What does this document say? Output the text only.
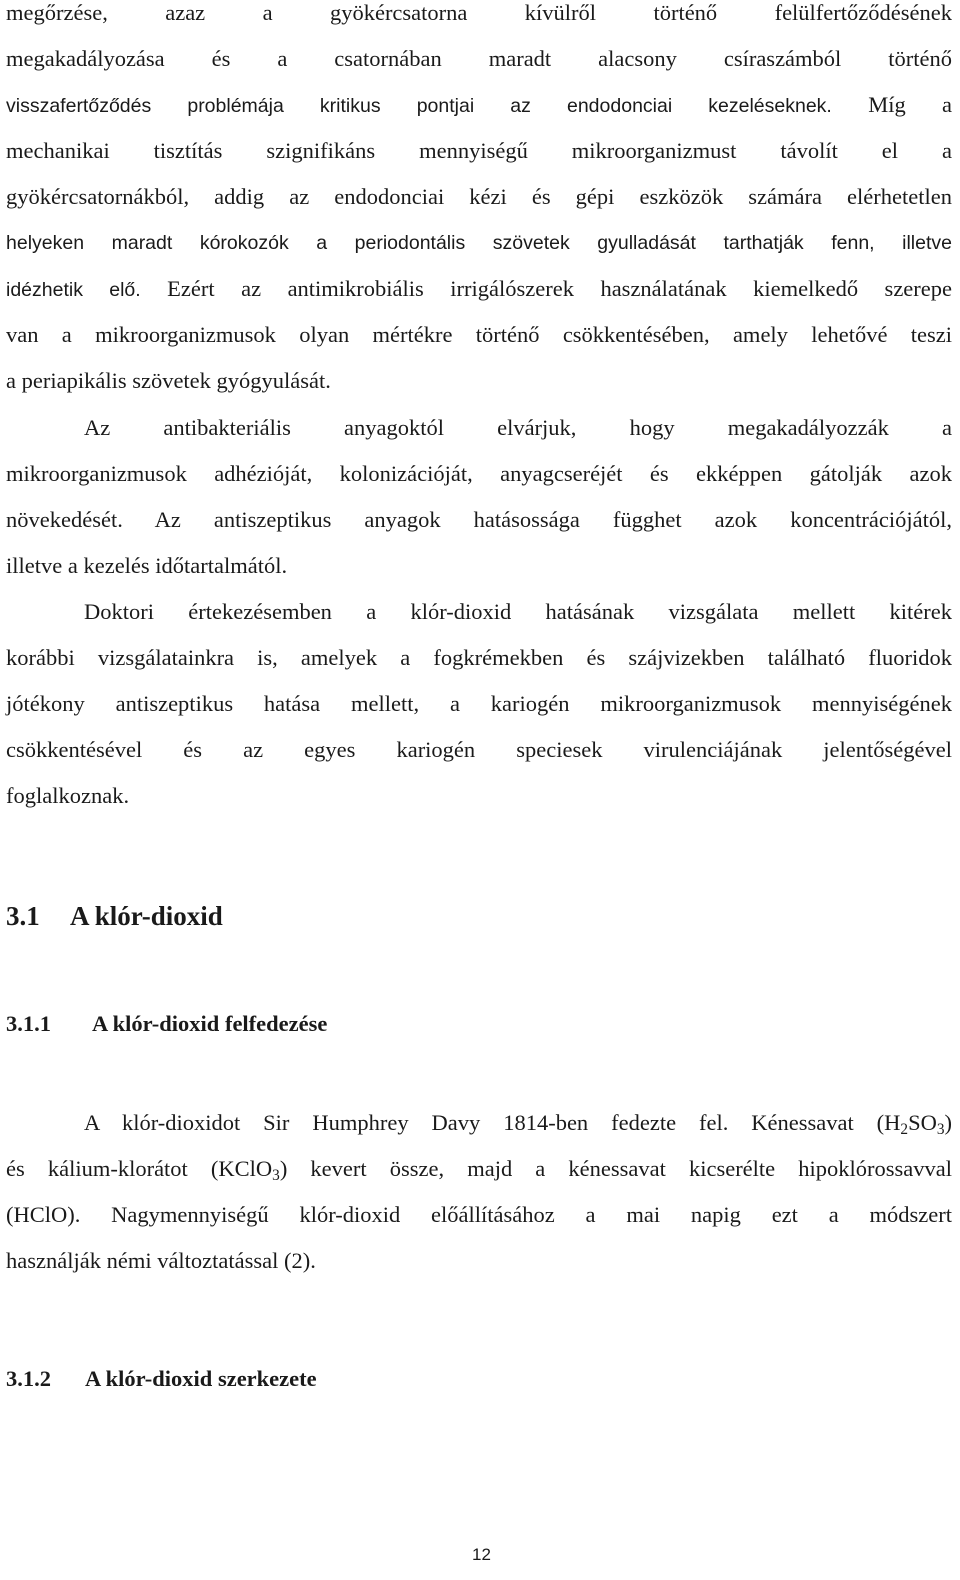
megőrzése, azaz a gyökércsatorna kívülről történő felülfertőződésének
megakadályozása és a csatornában maradt alacsony csíraszámból történő
visszafertőződés problémája kritikus pontjai az endodonciai kezeléseknek. Míg a
mechanikai tisztítás szignifikáns mennyiségű mikroorganizmust távolít el a
gyökércsatornákból, addig az endodonciai kézi és gépi eszközök számára elérhetetlen
helyeken maradt kórokozók a periodontális szövetek gyulladását tarthatják fenn, illetve
idézhetik elő. Ezért az antimikrobiális irrigálószerek használatának kiemelkedő szerepe
van a mikroorganizmusok olyan mértékre történő csökkentésében, amely lehetővé teszi
a periapikális szövetek gyógyulását.
Az antibakteriális anyagoktól elvárjuk, hogy megakadályozzák a
mikroorganizmusok adhézióját, kolonizációját, anyagcseréjét és ekképpen gátolják azok
növekedését. Az antiszeptikus anyagok hatásossága függhet azok koncentrációjától,
illetve a kezelés időtartalmától.
Doktori értekezésemben a klór-dioxid hatásának vizsgálata mellett kitérek
korábbi vizsgálatainkra is, amelyek a fogkrémekben és szájvizekben található fluoridok
jótékony antiszeptikus hatása mellett, a kariogén mikroorganizmusok mennyiségének
csökkentésével és az egyes kariogén speciesek virulenciájának jelentőségével
foglalkoznak.
3.1 A klór-dioxid
3.1.1 A klór-dioxid felfedezése
A klór-dioxidot Sir Humphrey Davy 1814-ben fedezte fel. Kénessavat $(H_2SO_3)$
és kálium-klorátot (KClO$_3$) kevert össze, majd a kénessavat kicserélte hipoklórossavval
(HClO). Nagymennyiségű klór-dioxid előállításához a mai napig ezt a módszert
használják némi változtatással (2).
3.1.2 A klór-dioxid szerkezete
12
